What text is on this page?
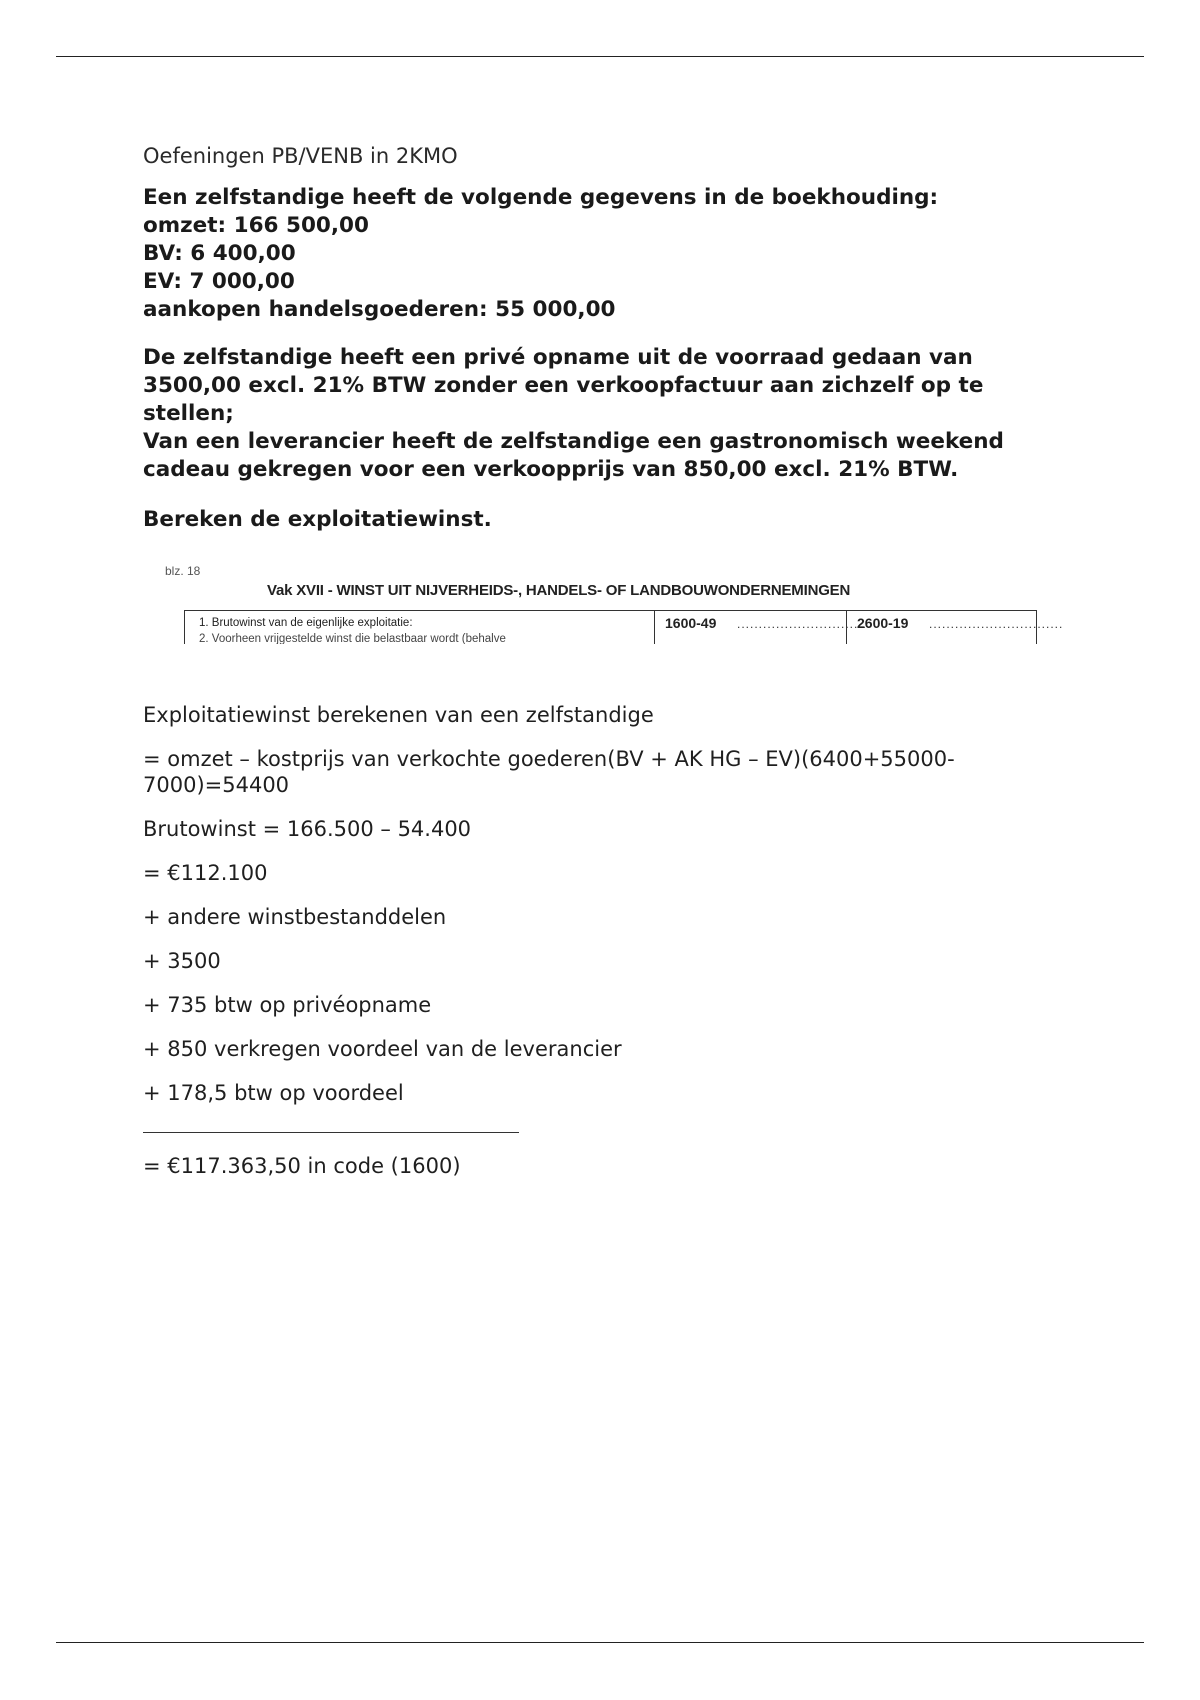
Oefeningen PB/VENB in 2KMO
Een zelfstandige heeft de volgende gegevens in de boekhouding:
omzet: 166 500,00
BV: 6 400,00
EV: 7 000,00
aankopen handelsgoederen: 55 000,00
De zelfstandige heeft een privé opname uit de voorraad gedaan van
3500,00 excl. 21% BTW zonder een verkoopfactuur aan zichzelf op te
stellen;
Van een leverancier heeft de zelfstandige een gastronomisch weekend
cadeau gekregen voor een verkoopprijs van 850,00 excl. 21% BTW.
Bereken de exploitatiewinst.
blz. 18
Vak XVII - WINST UIT NIJVERHEIDS-, HANDELS- OF LANDBOUWONDERNEMINGEN
1. Brutowinst van de eigenlijke exploitatie:
2. Voorheen vrijgestelde winst die belastbaar wordt (behalve
1600-49 ...............................
2600-19 ...............................

Exploitatiewinst berekenen van een zelfstandige

= omzet – kostprijs van verkochte goederen(BV + AK HG – EV)(6400+55000-
7000)=54400

Brutowinst = 166.500 – 54.400

= €112.100

+ andere winstbestanddelen

+ 3500

+ 735 btw op privéopname

+ 850 verkregen voordeel van de leverancier

+ 178,5 btw op voordeel

= €117.363,50 in code (1600)
